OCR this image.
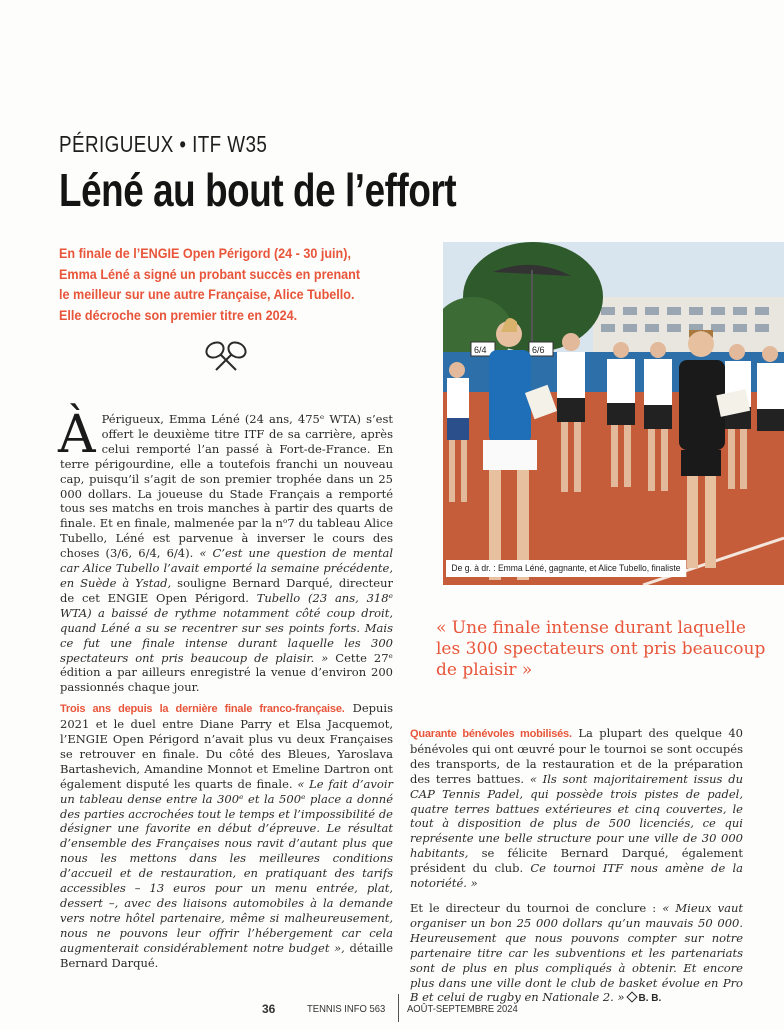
PÉRIGUEUX • ITF W35
Léné au bout de l’effort

En finale de l’ENGIE Open Périgord (24 - 30 juin),

Emma Léné a signé un probant succès en prenant

le meilleur sur une autre Française, Alice Tubello.

Elle décroche son premier titre en 2024.

À Périgueux, Emma Léné (24 ans, 475ᵉ WTA) s’est offert le deuxième titre ITF de sa carrière, après celui remporté l’an passé à Fort-de-France. En terre périgourdine, elle a toutefois franchi un nouveau cap, puisqu’il s’agit de son premier trophée dans un 25 000 dollars. La joueuse du Stade Français a remporté tous ses matchs en trois manches à partir des quarts de finale. Et en finale, malmenée par la nᵒ7 du tableau Alice Tubello, Léné est parvenue à inverser le cours des choses (3/6, 6/4, 6/4). « C’est une question de mental car Alice Tubello l’avait emporté la semaine précédente, en Suède à Ystad, souligne Bernard Darqué, directeur de cet ENGIE Open Périgord. Tubello (23 ans, 318ᵉ WTA) a baissé de rythme notamment côté coup droit, quand Léné a su se recentrer sur ses points forts. Mais ce fut une finale intense durant laquelle les 300 spectateurs ont pris beaucoup de plaisir. » Cette 27ᵉ édition a par ailleurs enregistré la venue d’environ 200 passionnés chaque jour.

Trois ans depuis la dernière finale franco-française. Depuis 2021 et le duel entre Diane Parry et Elsa Jacquemot, l’ENGIE Open Périgord n’avait plus vu deux Françaises se retrouver en finale. Du côté des Bleues, Yaroslava Bartashevich, Amandine Monnot et Emeline Dartron ont également disputé les quarts de finale. « Le fait d’avoir un tableau dense entre la 300ᵉ et la 500ᵉ place a donné des parties accrochées tout le temps et l’impossibilité de désigner une favorite en début d’épreuve. Le résultat d’ensemble des Françaises nous ravit d’autant plus que nous les mettons dans les meilleures conditions d’accueil et de restauration, en pratiquant des tarifs accessibles – 13 euros pour un menu entrée, plat, dessert –, avec des liaisons automobiles à la demande vers notre hôtel partenaire, même si malheureusement, nous ne pouvons leur offrir l’hébergement car cela augmenterait considérablement notre budget », détaille Bernard Darqué.

6/4	6/6
De g. à dr. : Emma Léné, gagnante, et Alice Tubello, finaliste
« Une finale intense durant laquelle les 300 spectateurs ont pris beaucoup de plaisir »

Quarante bénévoles mobilisés. La plupart des quelque 40 bénévoles qui ont œuvré pour le tournoi se sont occupés des transports, de la restauration et de la préparation des terres battues. « Ils sont majoritairement issus du CAP Tennis Padel, qui possède trois pistes de padel, quatre terres battues extérieures et cinq couvertes, le tout à disposition de plus de 500 licenciés, ce qui représente une belle structure pour une ville de 30 000 habitants, se félicite Bernard Darqué, également président du club. Ce tournoi ITF nous amène de la notoriété. »

Et le directeur du tournoi de conclure : « Mieux vaut organiser un bon 25 000 dollars qu’un mauvais 50 000. Heureusement que nous pouvons compter sur notre partenaire titre car les subventions et les partenariats sont de plus en plus compliqués à obtenir. Et encore plus dans une ville dont le club de basket évolue en Pro B et celui de rugby en Nationale 2. » B. B.

36	TENNIS INFO 563 AOÛT-SEPTEMBRE 2024
